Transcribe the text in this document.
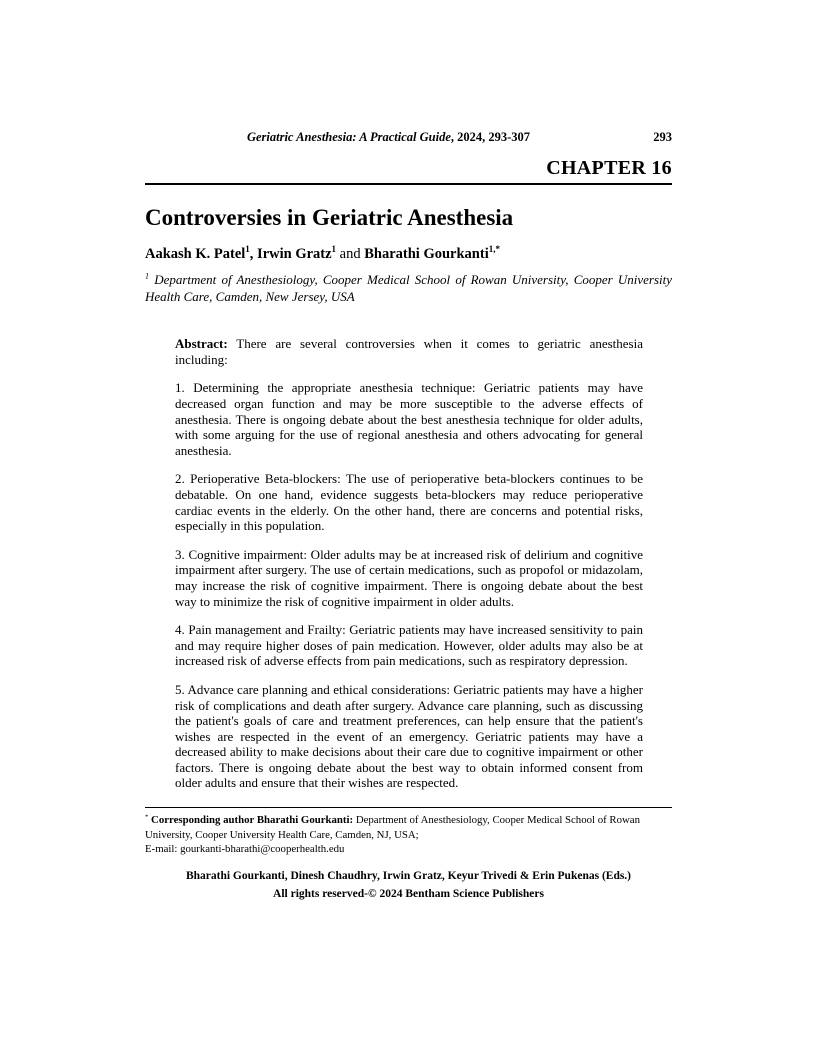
Geriatric Anesthesia: A Practical Guide, 2024, 293-307	293
CHAPTER 16
Controversies in Geriatric Anesthesia
Aakash K. Patel$^1$, Irwin Gratz$^1$ and Bharathi Gourkanti$^{1,*}$

$^1$ Department of Anesthesiology, Cooper Medical School of Rowan University, Cooper University Health Care, Camden, New Jersey, USA

Abstract: There are several controversies when it comes to geriatric anesthesia including:

1. Determining the appropriate anesthesia technique: Geriatric patients may have decreased organ function and may be more susceptible to the adverse effects of anesthesia. There is ongoing debate about the best anesthesia technique for older adults, with some arguing for the use of regional anesthesia and others advocating for general anesthesia.

2. Perioperative Beta-blockers: The use of perioperative beta-blockers continues to be debatable. On one hand, evidence suggests beta-blockers may reduce perioperative cardiac events in the elderly. On the other hand, there are concerns and potential risks, especially in this population.

3. Cognitive impairment: Older adults may be at increased risk of delirium and cognitive impairment after surgery. The use of certain medications, such as propofol or midazolam, may increase the risk of cognitive impairment. There is ongoing debate about the best way to minimize the risk of cognitive impairment in older adults.

4. Pain management and Frailty: Geriatric patients may have increased sensitivity to pain and may require higher doses of pain medication. However, older adults may also be at increased risk of adverse effects from pain medications, such as respiratory depression.

5. Advance care planning and ethical considerations: Geriatric patients may have a higher risk of complications and death after surgery. Advance care planning, such as discussing the patient's goals of care and treatment preferences, can help ensure that the patient's wishes are respected in the event of an emergency. Geriatric patients may have a decreased ability to make decisions about their care due to cognitive impairment or other factors. There is ongoing debate about the best way to obtain informed consent from older adults and ensure that their wishes are respected.

* Corresponding author Bharathi Gourkanti: Department of Anesthesiology, Cooper Medical School of Rowan University, Cooper University Health Care, Camden, NJ, USA;

E-mail: gourkanti-bharathi@cooperhealth.edu

Bharathi Gourkanti, Dinesh Chaudhry, Irwin Gratz, Keyur Trivedi & Erin Pukenas (Eds.)
All rights reserved-© 2024 Bentham Science Publishers
